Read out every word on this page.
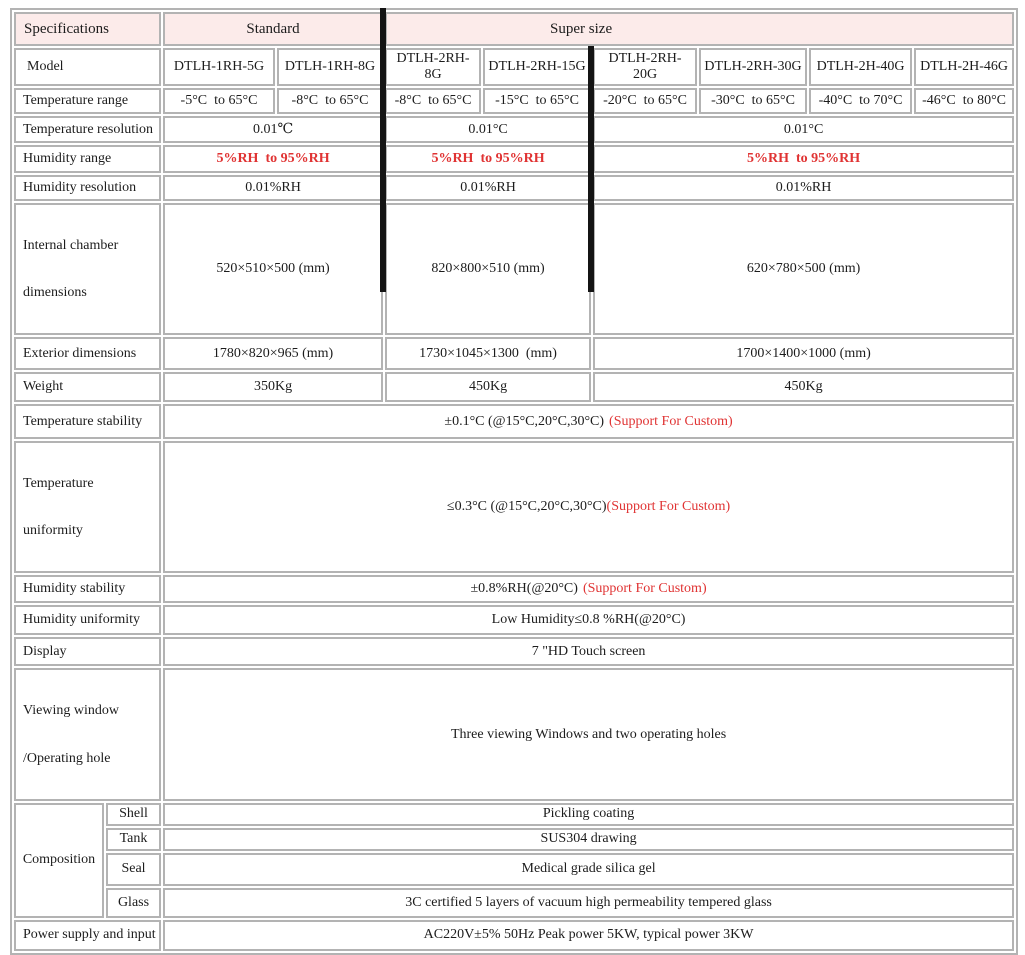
Specifications		Standard		Super size					
Model		DTLH-1RH-5G	DTLH-1RH-8G	DTLH-2RH-8G	DTLH-2RH-15G	DTLH-2RH-20G	DTLH-2RH-30G	DTLH-2H-40G	DTLH-2H-46G
Temperature range		-5°C  to 65°C	-8°C  to 65°C	-8°C  to 65°C	-15°C  to 65°C	-20°C  to 65°C	-30°C  to 65°C	-40°C  to 70°C	-46°C  to 80°C
Temperature resolution		0.01℃		0.01°C		0.01°C			
Humidity range		5%RH  to 95%RH		5%RH  to 95%RH		5%RH  to 95%RH			
Humidity resolution		0.01%RH		0.01%RH		0.01%RH			

Internal chamber

dimensions		520×510×500 (mm)		820×800×510 (mm)		620×780×500 (mm)			
Exterior dimensions		1780×820×965 (mm)		1730×1045×1300  (mm)		1700×1400×1000 (mm)			
Weight		350Kg		450Kg		450Kg			
Temperature stability		±0.1°C (@15°C,20°C,30°C) (Support For Custom)							

Temperature

uniformity		≤0.3°C (@15°C,20°C,30°C)(Support For Custom)							
Humidity stability		±0.8%RH(@20°C) (Support For Custom)							
Humidity uniformity		Low Humidity≤0.8 %RH(@20°C)							
Display		7 "HD Touch screen							

Viewing window

/Operating hole		Three viewing Windows and two operating holes							
Composition	Shell	Pickling coating							
	Tank	SUS304 drawing							
	Seal	Medical grade silica gel							
	Glass	3C certified 5 layers of vacuum high permeability tempered glass							
Power supply and input		AC220V±5% 50Hz Peak power 5KW, typical power 3KW							
